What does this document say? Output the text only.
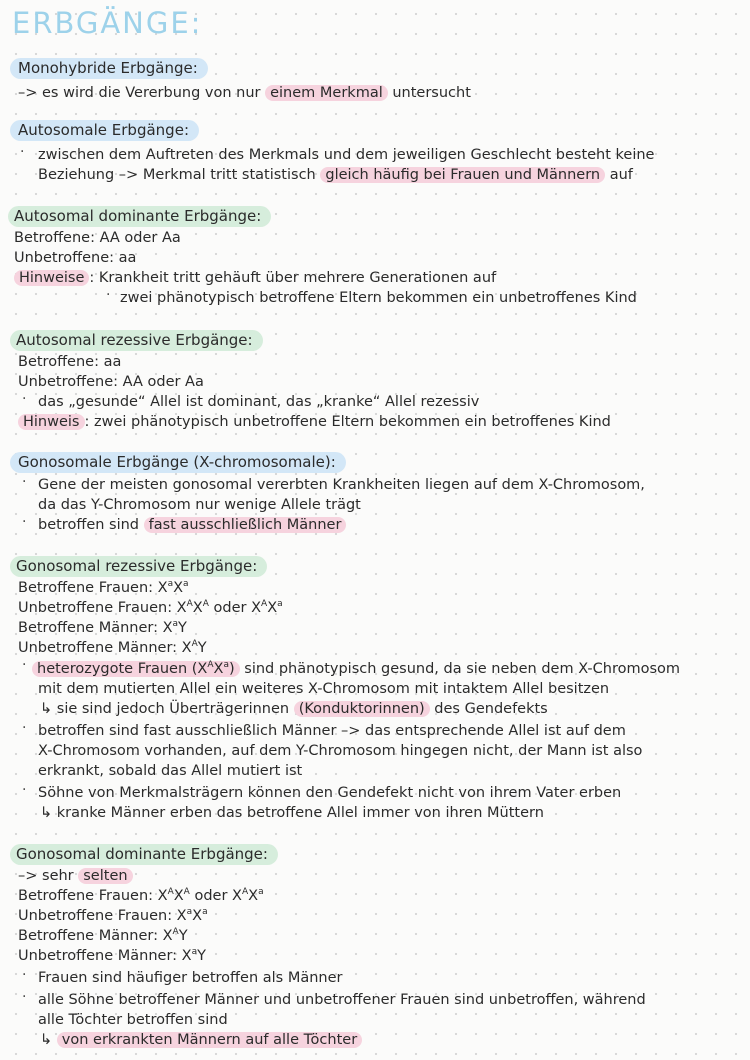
ERBGÄNGE:
Monohybride Erbgänge:
–> es wird die Vererbung von nur einem Merkmal untersucht
Autosomale Erbgänge:
· zwischen dem Auftreten des Merkmals und dem jeweiligen Geschlecht besteht keine
Beziehung –> Merkmal tritt statistisch gleich häufig bei Frauen und Männern auf
Autosomal dominante Erbgänge:
Betroffene: AA oder Aa
Unbetroffene: aa
Hinweise : Krankheit tritt gehäuft über mehrere Generationen auf
· zwei phänotypisch betroffene Eltern bekommen ein unbetroffenes Kind
Autosomal rezessive Erbgänge:
Betroffene: aa
Unbetroffene: AA oder Aa
· das „gesunde“ Allel ist dominant, das „kranke“ Allel rezessiv
Hinweis : zwei phänotypisch unbetroffene Eltern bekommen ein betroffenes Kind
Gonosomale Erbgänge (X-chromosomale):
· Gene der meisten gonosomal vererbten Krankheiten liegen auf dem X-Chromosom,
da das Y-Chromosom nur wenige Allele trägt
· betroffen sind fast ausschließlich Männer
Gonosomal rezessive Erbgänge:
Betroffene Frauen: $X^aX^a$
Unbetroffene Frauen: $X^AX^A$ oder $X^AX^a$
Betroffene Männer: $X^aY$
Unbetroffene Männer: $X^AY$
· heterozygote Frauen $(X^AX^a)$ sind phänotypisch gesund, da sie neben dem X-Chromosom
mit dem mutierten Allel ein weiteres X-Chromosom mit intaktem Allel besitzen
↳ sie sind jedoch Überträgerinnen (Konduktorinnen) des Gendefekts
· betroffen sind fast ausschließlich Männer –> das entsprechende Allel ist auf dem
X-Chromosom vorhanden, auf dem Y-Chromosom hingegen nicht, der Mann ist also
erkrankt, sobald das Allel mutiert ist
· Söhne von Merkmalsträgern können den Gendefekt nicht von ihrem Vater erben
↳ kranke Männer erben das betroffene Allel immer von ihren Müttern
Gonosomal dominante Erbgänge:
–> sehr selten
Betroffene Frauen: $X^AX^A$ oder $X^AX^a$
Unbetroffene Frauen: $X^aX^a$
Betroffene Männer: $X^AY$
Unbetroffene Männer: $X^aY$
· Frauen sind häufiger betroffen als Männer
· alle Söhne betroffener Männer und unbetroffener Frauen sind unbetroffen, während
alle Töchter betroffen sind
↳ von erkrankten Männern auf alle Töchter
